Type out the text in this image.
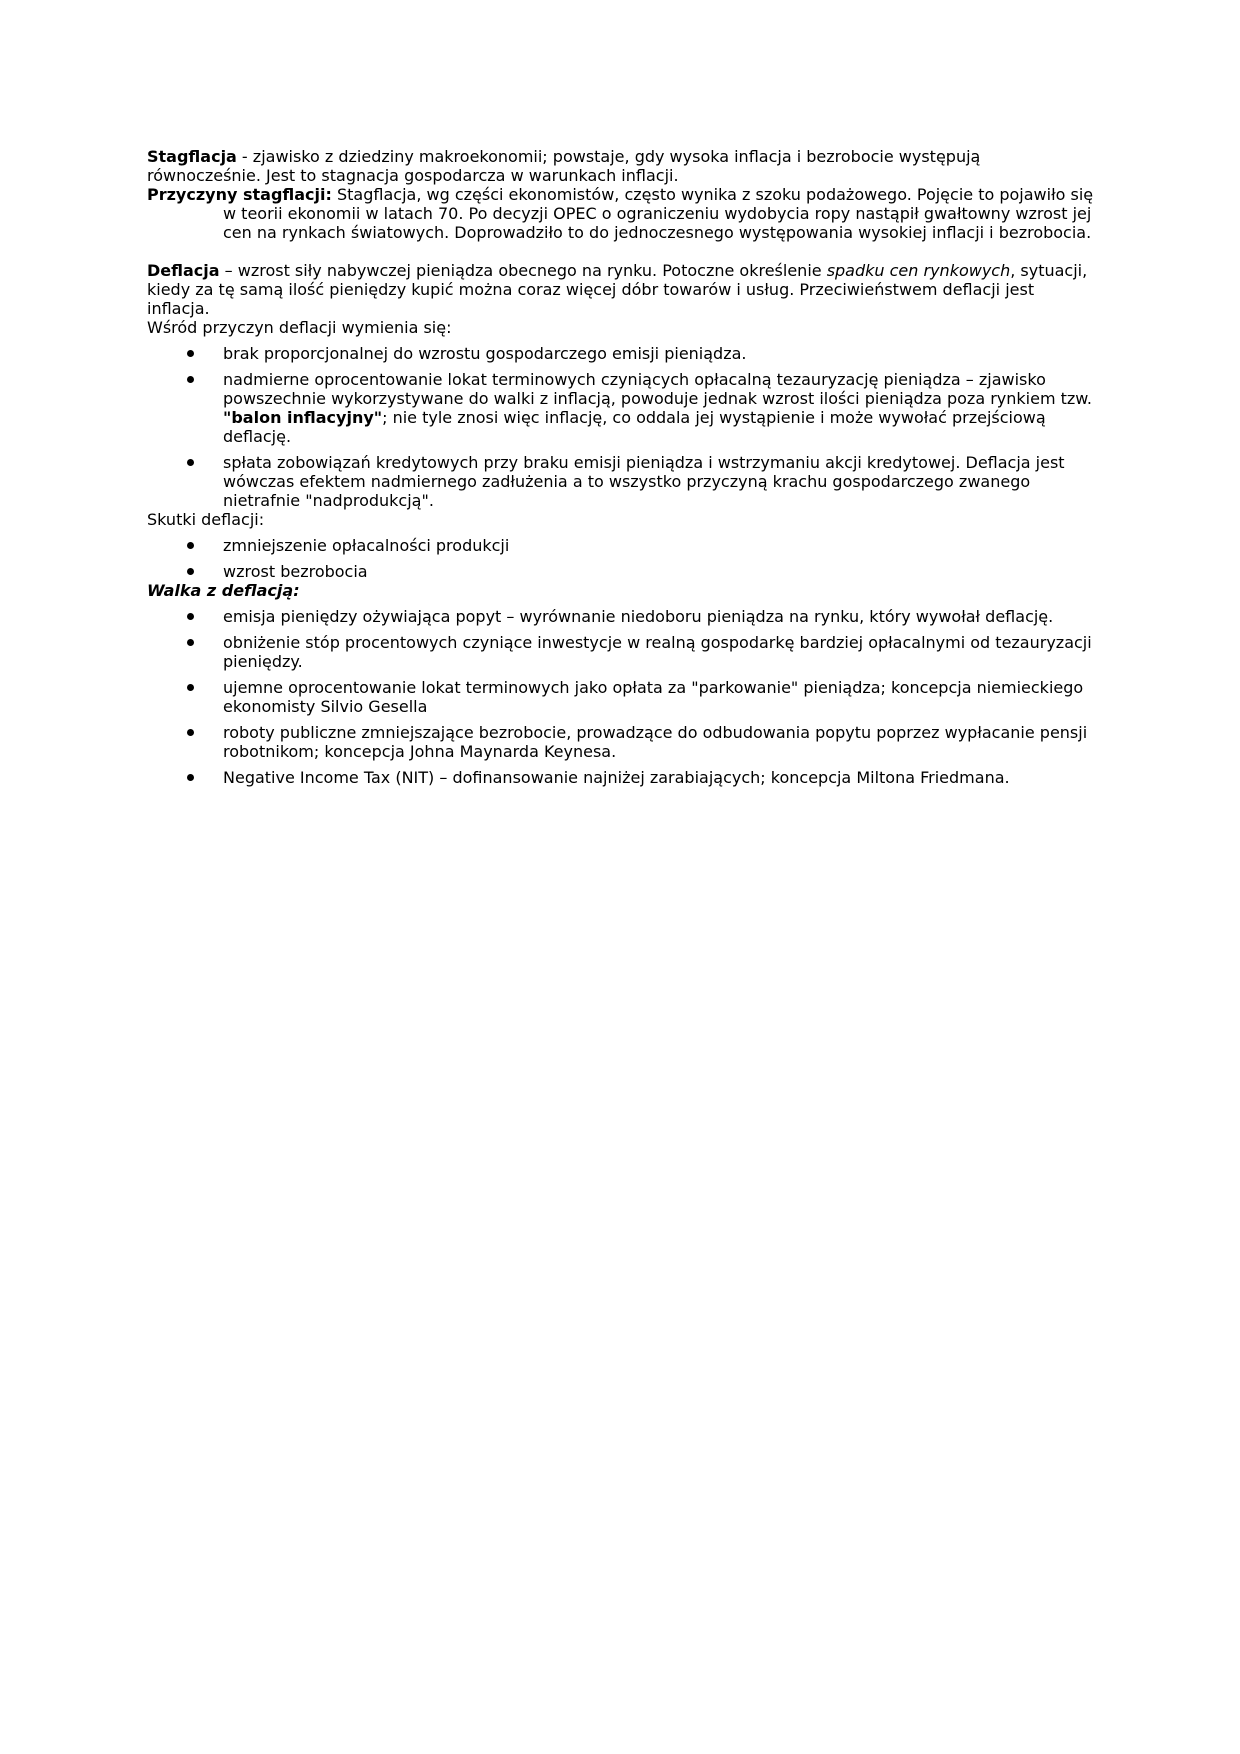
Stagflacja - zjawisko z dziedziny makroekonomii; powstaje, gdy wysoka inflacja i bezrobocie występują równocześnie. Jest to stagnacja gospodarcza w warunkach inflacji.

Przyczyny stagflacji: Stagflacja, wg części ekonomistów, często wynika z szoku podażowego. Pojęcie to pojawiło się w teorii ekonomii w latach 70. Po decyzji OPEC o ograniczeniu wydobycia ropy nastąpił gwałtowny wzrost jej cen na rynkach światowych. Doprowadziło to do jednoczesnego występowania wysokiej inflacji i bezrobocia.

Deflacja – wzrost siły nabywczej pieniądza obecnego na rynku. Potoczne określenie spadku cen rynkowych, sytuacji, kiedy za tę samą ilość pieniędzy kupić można coraz więcej dóbr towarów i usług. Przeciwieństwem deflacji jest inflacja.

Wśród przyczyn deflacji wymienia się:

brak proporcjonalnej do wzrostu gospodarczego emisji pieniądza.
nadmierne oprocentowanie lokat terminowych czyniących opłacalną tezauryzację pieniądza – zjawisko powszechnie wykorzystywane do walki z inflacją, powoduje jednak wzrost ilości pieniądza poza rynkiem tzw. "balon inflacyjny"; nie tyle znosi więc inflację, co oddala jej wystąpienie i może wywołać przejściową deflację.
spłata zobowiązań kredytowych przy braku emisji pieniądza i wstrzymaniu akcji kredytowej. Deflacja jest wówczas efektem nadmiernego zadłużenia a to wszystko przyczyną krachu gospodarczego zwanego nietrafnie "nadprodukcją".

Skutki deflacji:

zmniejszenie opłacalności produkcji
wzrost bezrobocia

Walka z deflacją:

emisja pieniędzy ożywiająca popyt – wyrównanie niedoboru pieniądza na rynku, który wywołał deflację.
obniżenie stóp procentowych czyniące inwestycje w realną gospodarkę bardziej opłacalnymi od tezauryzacji pieniędzy.
ujemne oprocentowanie lokat terminowych jako opłata za "parkowanie" pieniądza; koncepcja niemieckiego ekonomisty Silvio Gesella
roboty publiczne zmniejszające bezrobocie, prowadzące do odbudowania popytu poprzez wypłacanie pensji robotnikom; koncepcja Johna Maynarda Keynesa.
Negative Income Tax (NIT) – dofinansowanie najniżej zarabiających; koncepcja Miltona Friedmana.
